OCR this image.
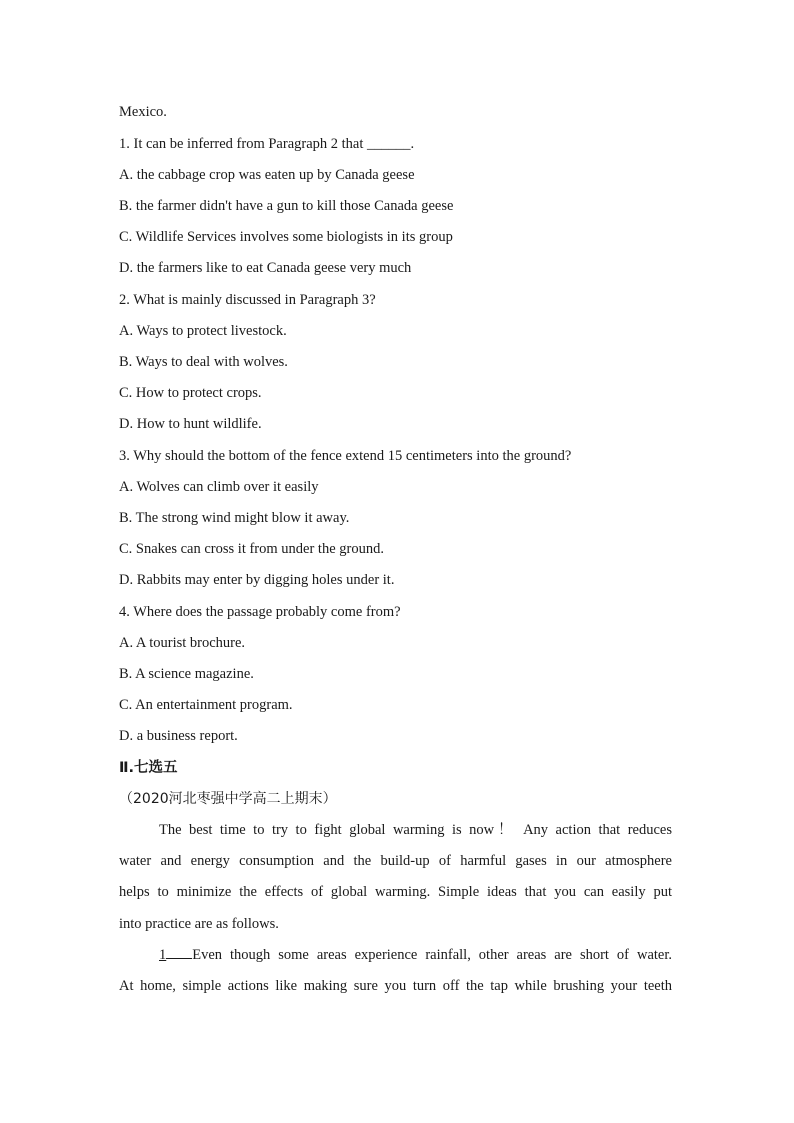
Mexico.
1. It can be inferred from Paragraph 2 that ______.
A. the cabbage crop was eaten up by Canada geese
B. the farmer didn't have a gun to kill those Canada geese
C. Wildlife Services involves some biologists in its group
D. the farmers like to eat Canada geese very much
2. What is mainly discussed in Paragraph 3?
A. Ways to protect livestock.
B. Ways to deal with wolves.
C. How to protect crops.
D. How to hunt wildlife.
3. Why should the bottom of the fence extend 15 centimeters into the ground?
A. Wolves can climb over it easily
B. The strong wind might blow it away.
C. Snakes can cross it from under the ground.
D. Rabbits may enter by digging holes under it.
4. Where does the passage probably come from?
A. A tourist brochure.
B. A science magazine.
C. An entertainment program.
D. a business report.
Ⅱ.七选五
（2020河北枣强中学高二上期末）
The best time to try to fight global warming is now！ Any action that reduces
water and energy consumption and the build-up of harmful gases in our atmosphere
helps to minimize the effects of global warming. Simple ideas that you can easily put
into practice are as follows.
1 Even though some areas experience rainfall, other areas are short of water.
At home, simple actions like making sure you turn off the tap while brushing your teeth
